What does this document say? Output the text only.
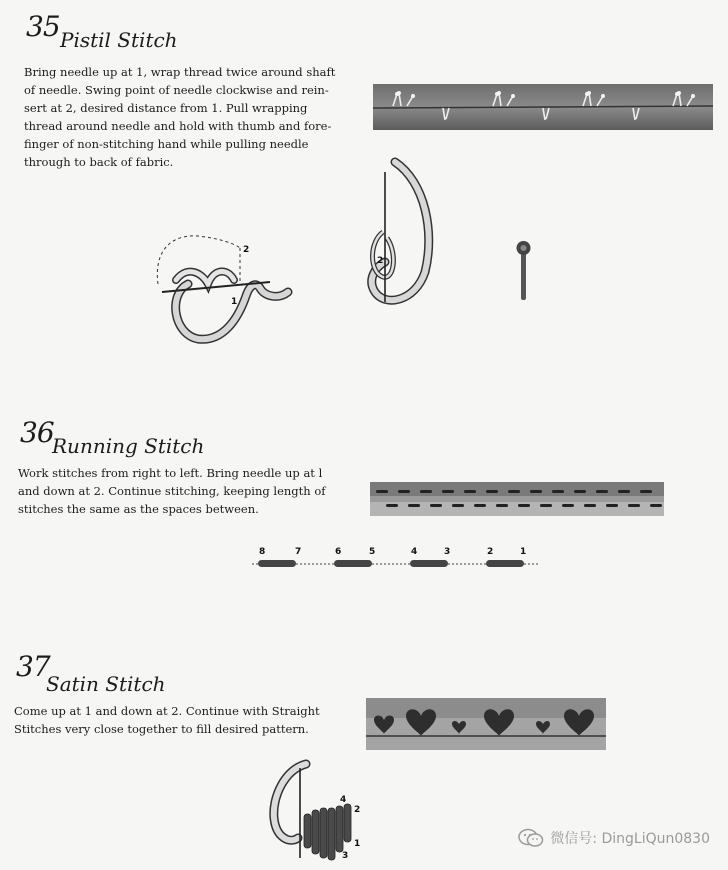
35 Pistil Stitch

Bring needle up at 1, wrap thread twice around shaft
of needle. Swing point of needle clockwise and rein-
sert at 2, desired distance from 1. Pull wrapping
thread around needle and hold with thumb and fore-
finger of non-stitching hand while pulling needle
through to back of fabric.

2
1
2
36
Running Stitch

Work stitches from right to left. Bring needle up at l
and down at 2. Continue stitching, keeping length of
stitches the same as the spaces between.

8	7	6	5	4	3	2	1
37
Satin Stitch

Come up at 1 and down at 2. Continue with Straight
Stitches very close together to fill desired pattern.

4
2
1
3
微信号: DingLiQun0830
